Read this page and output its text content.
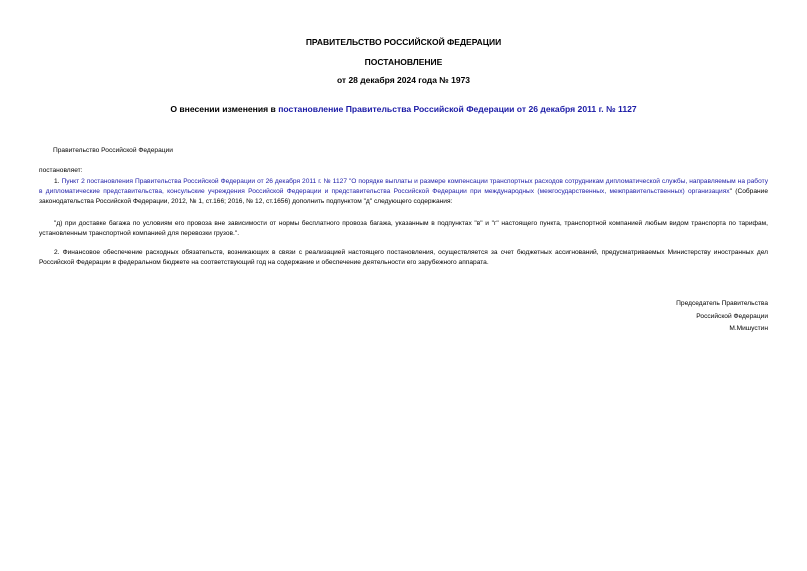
ПРАВИТЕЛЬСТВО РОССИЙСКОЙ ФЕДЕРАЦИИ
ПОСТАНОВЛЕНИЕ
от 28 декабря 2024 года № 1973
О внесении изменения в постановление Правительства Российской Федерации от 26 декабря 2011 г. № 1127
Правительство Российской Федерации
постановляет:
1. Пункт 2 постановления Правительства Российской Федерации от 26 декабря 2011 г. № 1127 "О порядке выплаты и размере компенсации транспортных расходов сотрудникам дипломатической службы, направляемым на работу в дипломатические представительства, консульские учреждения Российской Федерации и представительства Российской Федерации при международных (межгосударственных, межправительственных) организациях" (Собрание законодательства Российской Федерации, 2012, № 1, ст.166; 2016, № 12, ст.1656) дополнить подпунктом "д" следующего содержания:
"д) при доставке багажа по условиям его провоза вне зависимости от нормы бесплатного провоза багажа, указанным в подпунктах "в" и "г" настоящего пункта, транспортной компанией любым видом транспорта по тарифам, установленным транспортной компанией для перевозки грузов.".
2. Финансовое обеспечение расходных обязательств, возникающих в связи с реализацией настоящего постановления, осуществляется за счет бюджетных ассигнований, предусматриваемых Министерству иностранных дел Российской Федерации в федеральном бюджете на соответствующий год на содержание и обеспечение деятельности его зарубежного аппарата.
Председатель Правительства
Российской Федерации
М.Мишустин
